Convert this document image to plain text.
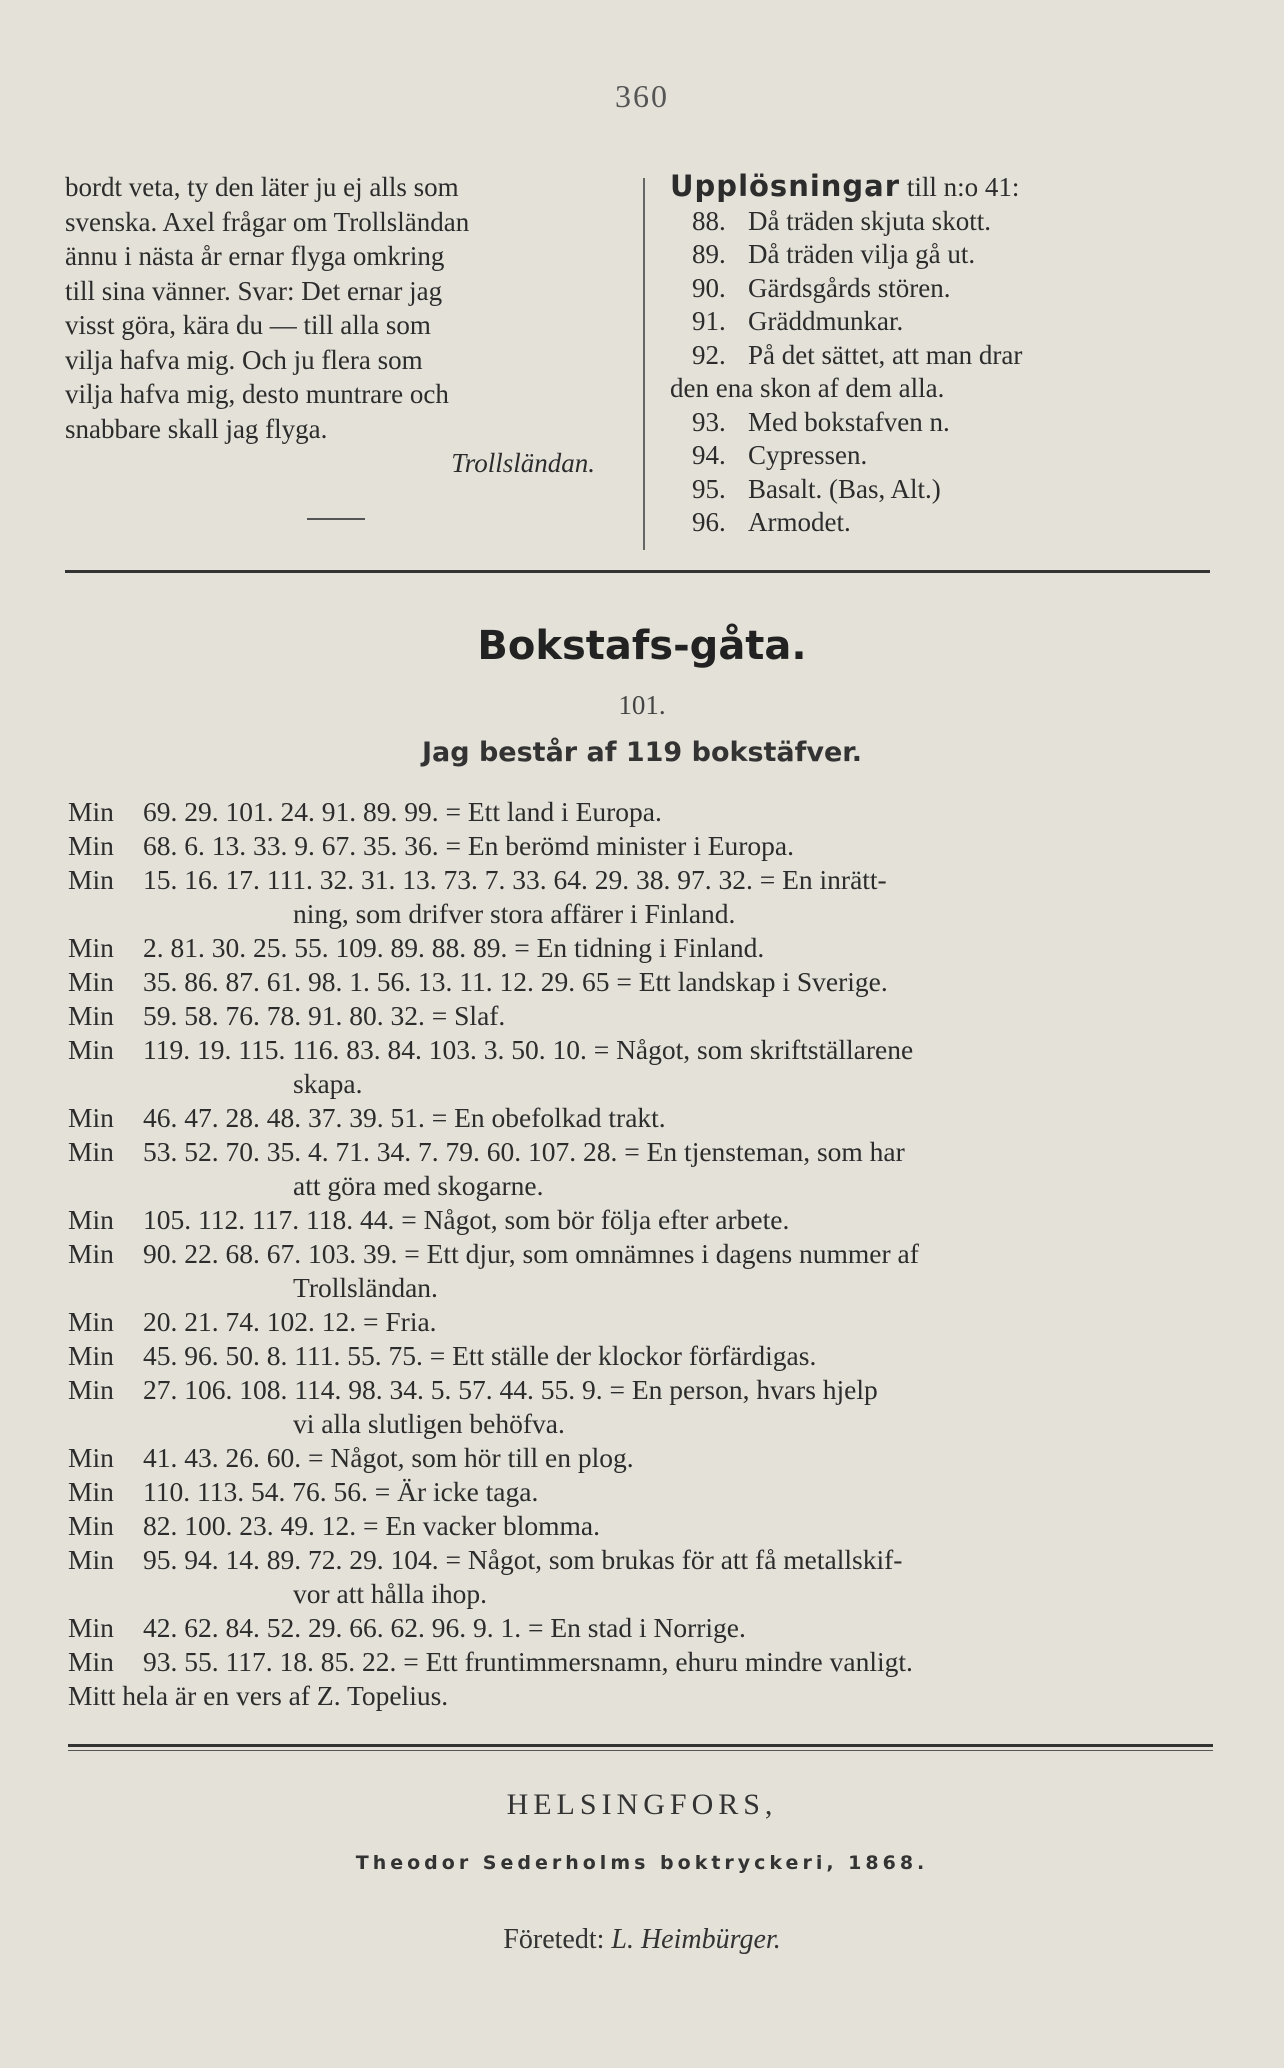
360
bordt veta, ty den läter ju ej alls som
svenska. Axel frågar om Trollsländan
ännu i nästa år ernar flyga omkring
till sina vänner. Svar: Det ernar jag
visst göra, kära du — till alla som
vilja hafva mig. Och ju flera som
vilja hafva mig, desto muntrare och
snabbare skall jag flyga.
Trollsländan.
Upplösningar till n:o 41:
88. Då träden skjuta skott.
89. Då träden vilja gå ut.
90. Gärdsgårds stören.
91. Gräddmunkar.
92. På det sättet, att man drar
den ena skon af dem alla.
93. Med bokstafven n.
94. Cypressen.
95. Basalt. (Bas, Alt.)
96. Armodet.
Bokstafs-gåta.
101.
Jag består af 119 bokstäfver.
Min	69. 29. 101. 24. 91. 89. 99. = Ett land i Europa.
Min	68. 6. 13. 33. 9. 67. 35. 36. = En berömd minister i Europa.
Min	15. 16. 17. 111. 32. 31. 13. 73. 7. 33. 64. 29. 38. 97. 32. = En inrätt-
ning, som drifver stora affärer i Finland.
Min	2. 81. 30. 25. 55. 109. 89. 88. 89. = En tidning i Finland.
Min	35. 86. 87. 61. 98. 1. 56. 13. 11. 12. 29. 65 = Ett landskap i Sverige.
Min	59. 58. 76. 78. 91. 80. 32. = Slaf.
Min	119. 19. 115. 116. 83. 84. 103. 3. 50. 10. = Något, som skriftställarene
skapa.
Min	46. 47. 28. 48. 37. 39. 51. = En obefolkad trakt.
Min	53. 52. 70. 35. 4. 71. 34. 7. 79. 60. 107. 28. = En tjensteman, som har
att göra med skogarne.
Min	105. 112. 117. 118. 44. = Något, som bör följa efter arbete.
Min	90. 22. 68. 67. 103. 39. = Ett djur, som omnämnes i dagens nummer af
Trollsländan.
Min	20. 21. 74. 102. 12. = Fria.
Min	45. 96. 50. 8. 111. 55. 75. = Ett ställe der klockor förfärdigas.
Min	27. 106. 108. 114. 98. 34. 5. 57. 44. 55. 9. = En person, hvars hjelp
vi alla slutligen behöfva.
Min	41. 43. 26. 60. = Något, som hör till en plog.
Min	110. 113. 54. 76. 56. = Är icke taga.
Min	82. 100. 23. 49. 12. = En vacker blomma.
Min	95. 94. 14. 89. 72. 29. 104. = Något, som brukas för att få metallskif-
vor att hålla ihop.
Min	42. 62. 84. 52. 29. 66. 62. 96. 9. 1. = En stad i Norrige.
Min	93. 55. 117. 18. 85. 22. = Ett fruntimmersnamn, ehuru mindre vanligt.
Mitt hela är en vers af Z. Topelius.
HELSINGFORS,
Theodor Sederholms boktryckeri, 1868.
Företedt: L. Heimbürger.
